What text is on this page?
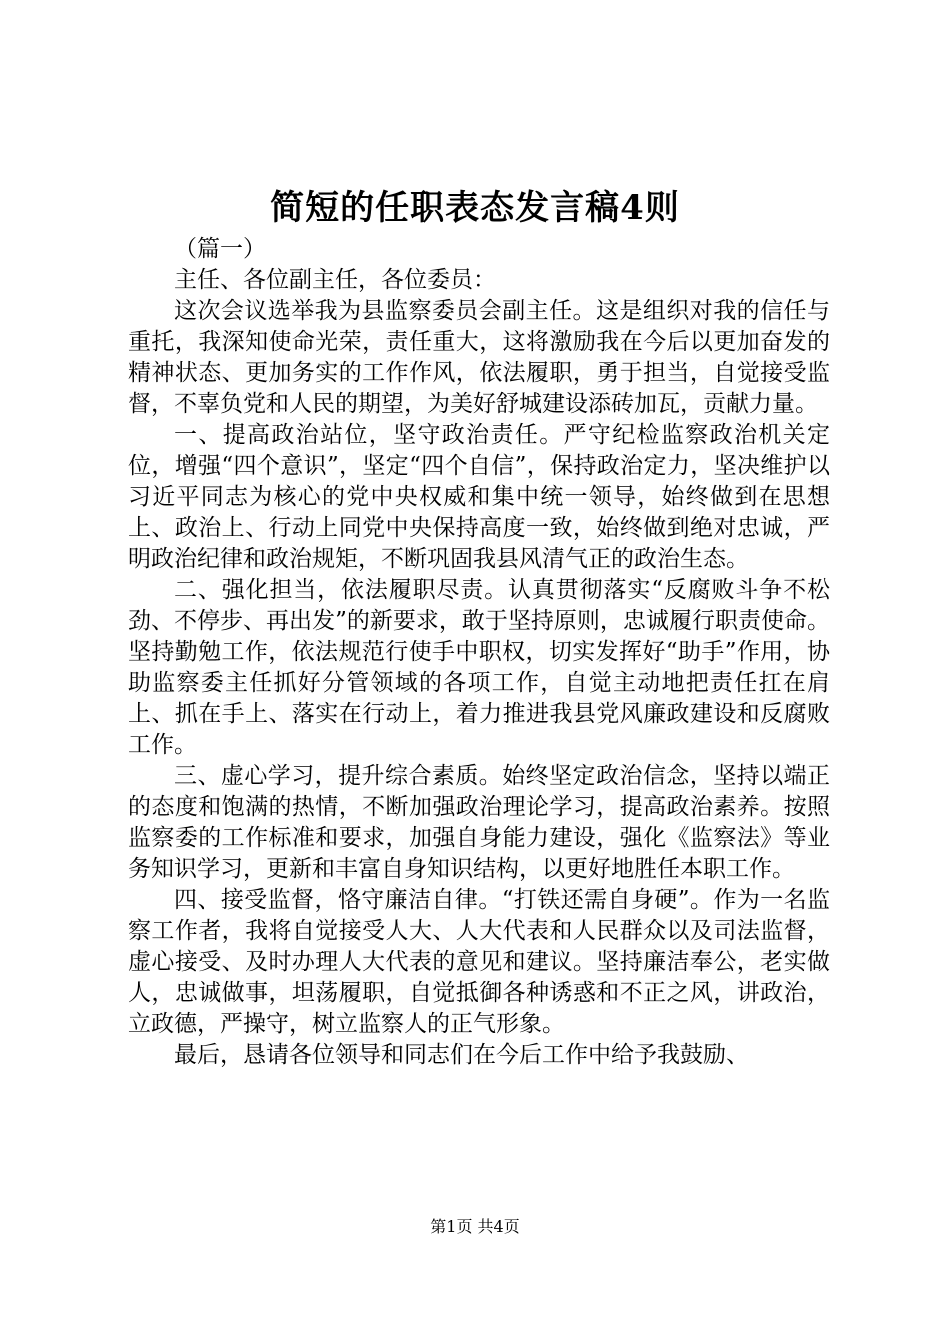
简短的任职表态发言稿4则

（篇一）

主任、各位副主任，各位委员：

这次会议选举我为县监察委员会副主任。这是组织对我的信任与重托，我深知使命光荣，责任重大，这将激励我在今后以更加奋发的精神状态、更加务实的工作作风，依法履职，勇于担当，自觉接受监督，不辜负党和人民的期望，为美好舒城建设添砖加瓦，贡献力量。

一、提高政治站位，坚守政治责任。严守纪检监察政治机关定位，增强“四个意识”，坚定“四个自信”，保持政治定力，坚决维护以习近平同志为核心的党中央权威和集中统一领导，始终做到在思想上、政治上、行动上同党中央保持高度一致，始终做到绝对忠诚，严明政治纪律和政治规矩，不断巩固我县风清气正的政治生态。

二、强化担当，依法履职尽责。认真贯彻落实“反腐败斗争不松劲、不停步、再出发”的新要求，敢于坚持原则，忠诚履行职责使命。坚持勤勉工作，依法规范行使手中职权，切实发挥好“助手”作用，协助监察委主任抓好分管领域的各项工作，自觉主动地把责任扛在肩上、抓在手上、落实在行动上，着力推进我县党风廉政建设和反腐败工作。

三、虚心学习，提升综合素质。始终坚定政治信念，坚持以端正的态度和饱满的热情，不断加强政治理论学习，提高政治素养。按照监察委的工作标准和要求，加强自身能力建设，强化《监察法》等业务知识学习，更新和丰富自身知识结构，以更好地胜任本职工作。

四、接受监督，恪守廉洁自律。“打铁还需自身硬”。作为一名监察工作者，我将自觉接受人大、人大代表和人民群众以及司法监督，虚心接受、及时办理人大代表的意见和建议。坚持廉洁奉公，老实做人，忠诚做事，坦荡履职，自觉抵御各种诱惑和不正之风，讲政治，立政德，严操守，树立监察人的正气形象。

最后，恳请各位领导和同志们在今后工作中给予我鼓励、

第1页 共4页
